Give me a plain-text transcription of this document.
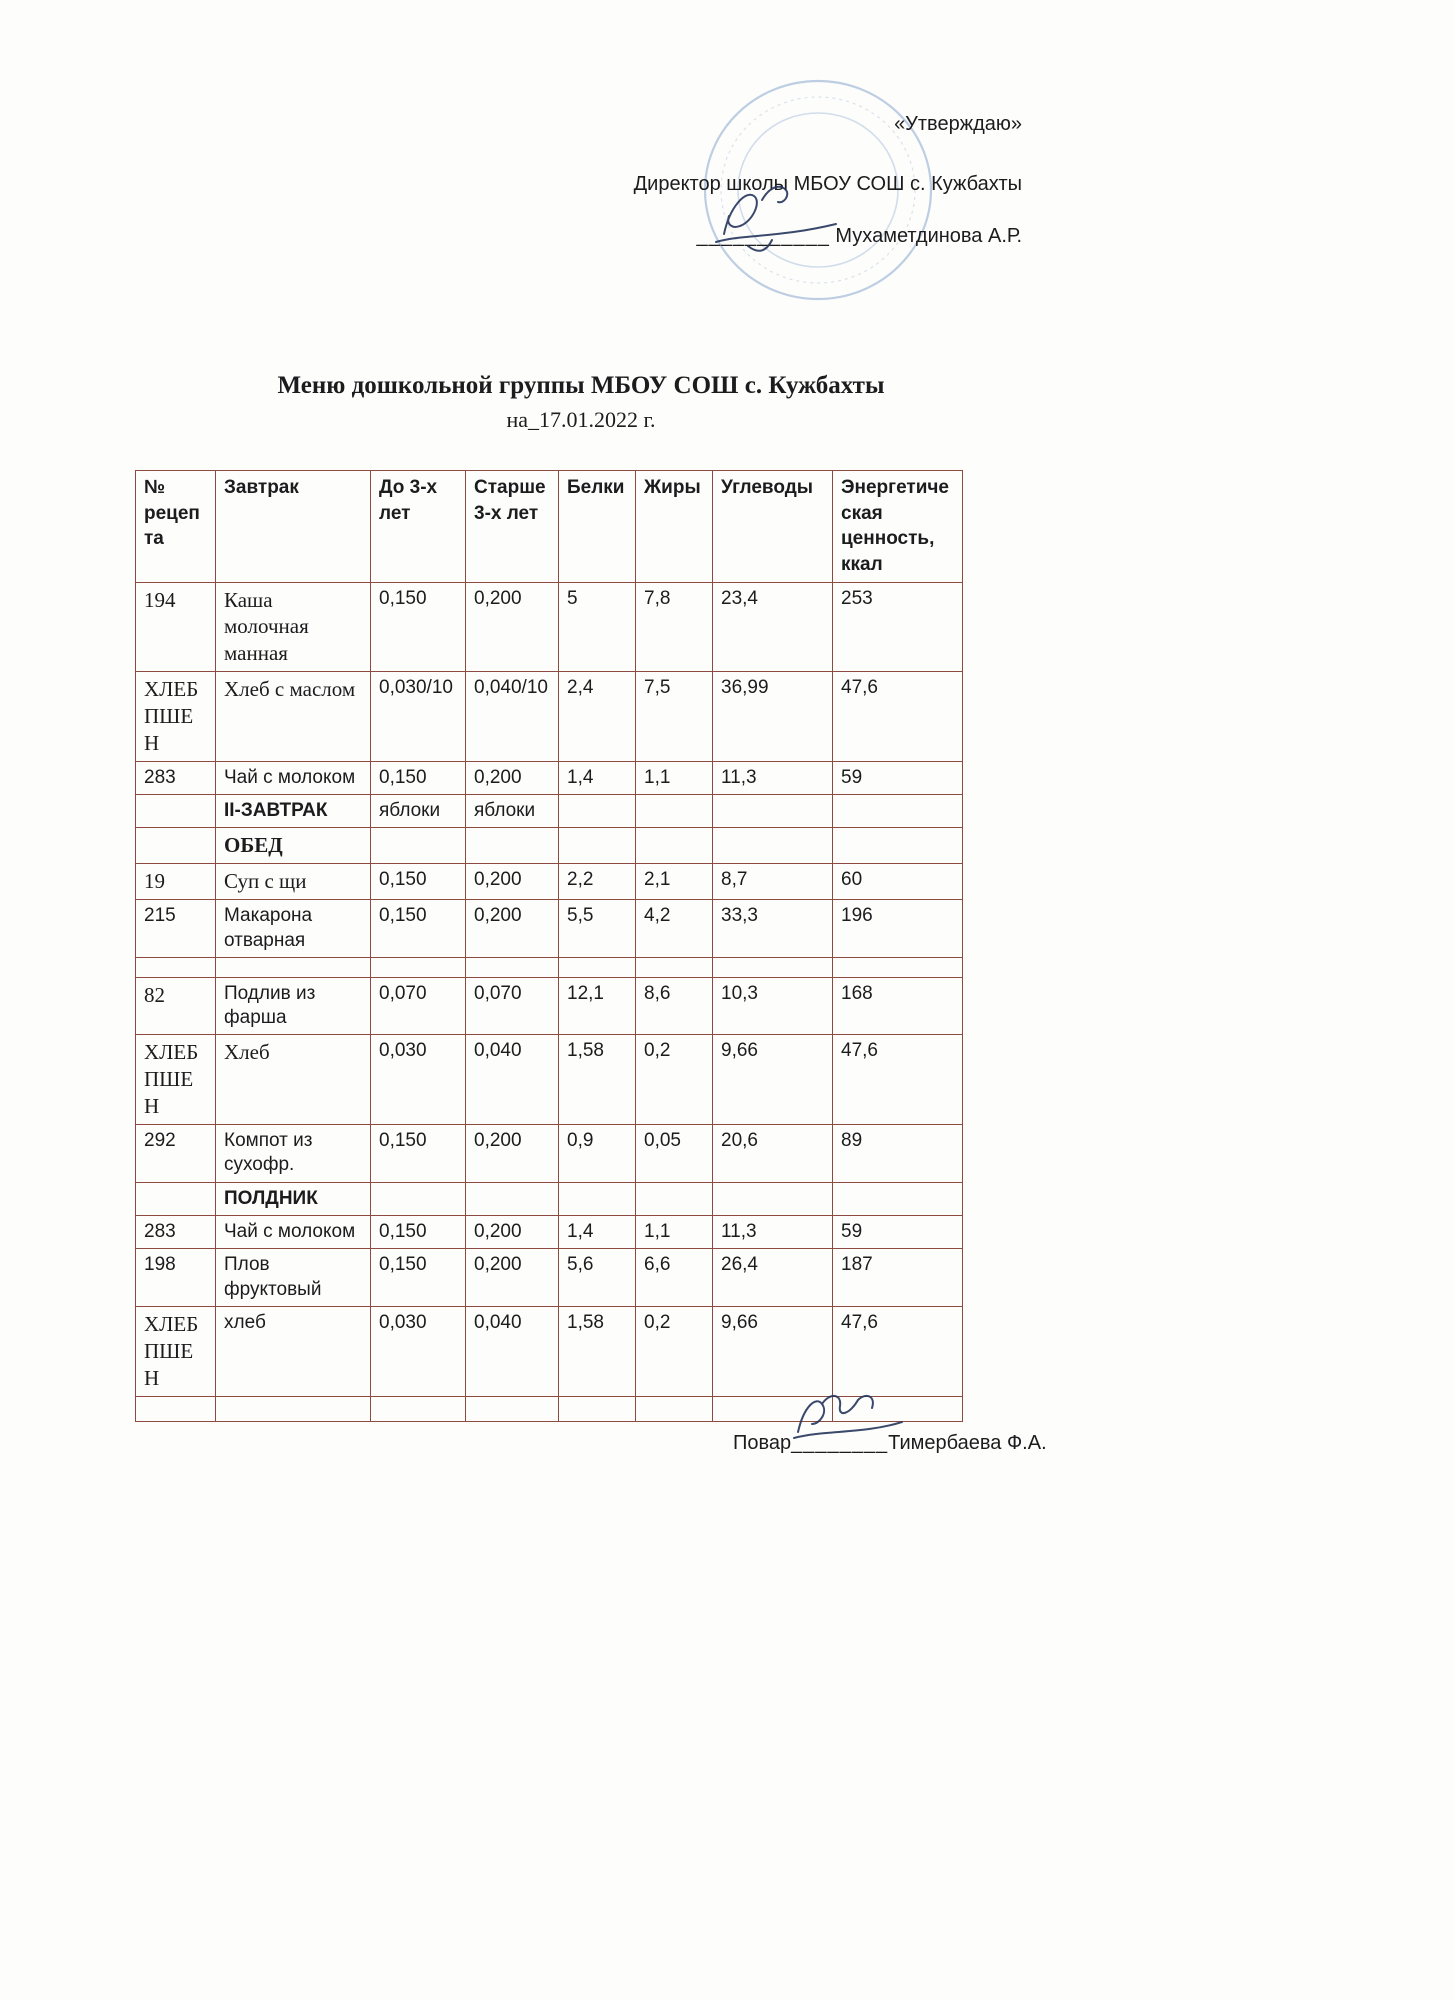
«Утверждаю»
Директор школы МБОУ СОШ с. Кужбахты
___________ Мухаметдинова А.Р.
Меню дошкольной группы МБОУ СОШ с. Кужбахты
на_17.01.2022 г.
№ рецепта	Завтрак	До 3-х лет	Старше 3-х лет	Белки	Жиры	Углеводы	Энергетическая ценность, ккал
194	Каша молочная манная	0,150	0,200	5	7,8	23,4	253
ХЛЕБ ПШЕН	Хлеб с маслом	0,030/10	0,040/10	2,4	7,5	36,99	47,6
283	Чай с молоком	0,150	0,200	1,4	1,1	11,3	59
	II-ЗАВТРАК	яблоки	яблоки				
	ОБЕД						
19	Суп с щи	0,150	0,200	2,2	2,1	8,7	60
215	Макарона отварная	0,150	0,200	5,5	4,2	33,3	196

82	Подлив из фарша	0,070	0,070	12,1	8,6	10,3	168
ХЛЕБ ПШЕН	Хлеб	0,030	0,040	1,58	0,2	9,66	47,6
292	Компот из сухофр.	0,150	0,200	0,9	0,05	20,6	89
	ПОЛДНИК						
283	Чай с молоком	0,150	0,200	1,4	1,1	11,3	59
198	Плов фруктовый	0,150	0,200	5,6	6,6	26,4	187
ХЛЕБ ПШЕН	хлеб	0,030	0,040	1,58	0,2	9,66	47,6

Повар________Тимербаева Ф.А.
